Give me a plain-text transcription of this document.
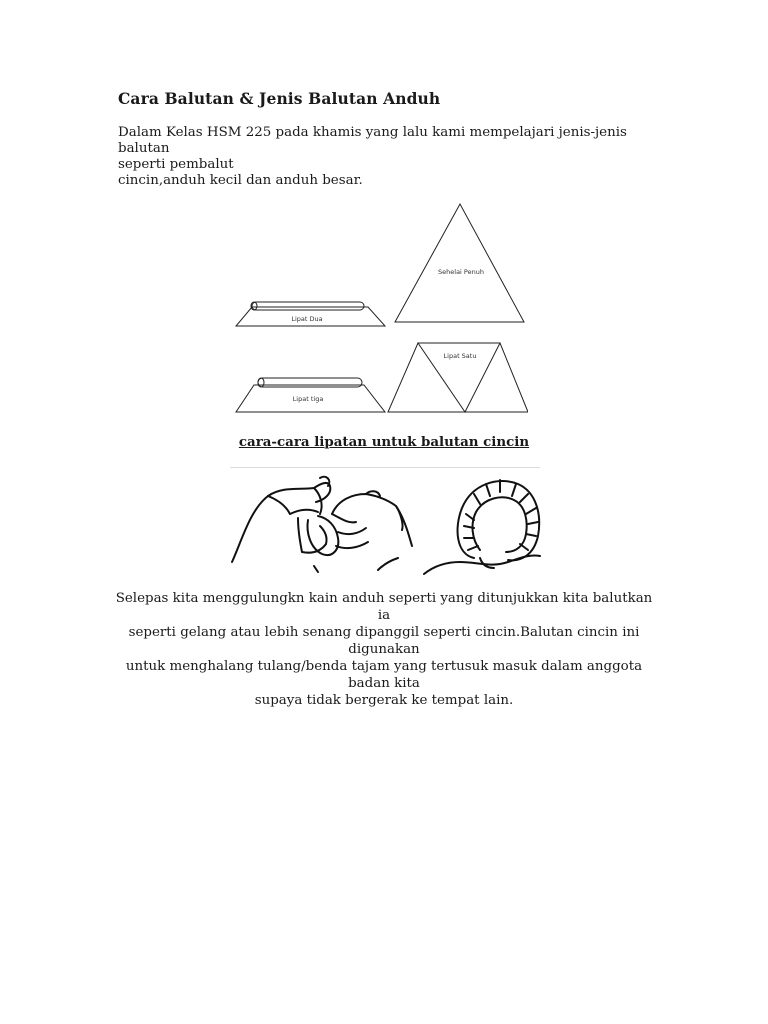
Cara Balutan & Jenis Balutan Anduh
Dalam Kelas HSM 225 pada khamis yang lalu kami mempelajari jenis-jenis balutan
seperti pembalut
cincin,anduh kecil dan anduh besar.
Sehelai Penuh
Lipat Dua
Lipat Satu
Lipat tiga
cara-cara lipatan untuk balutan cincin
Selepas kita menggulungkn kain anduh seperti yang ditunjukkan kita balutkan ia
seperti gelang atau lebih senang dipanggil seperti cincin.Balutan cincin ini digunakan
untuk menghalang tulang/benda tajam yang tertusuk masuk dalam anggota badan kita
supaya tidak bergerak ke tempat lain.
